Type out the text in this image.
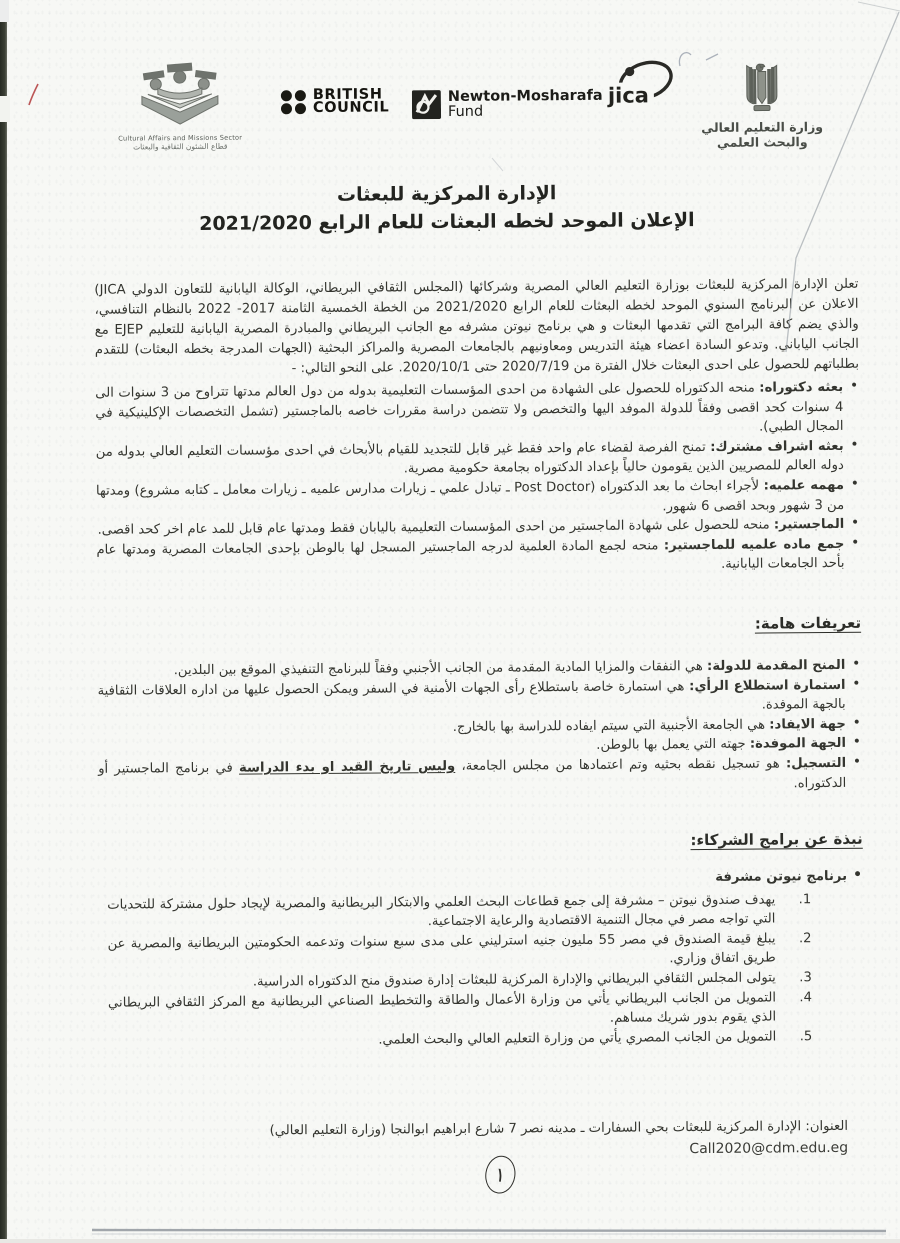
Cultural Affairs and Missions Sector
قطاع الشئون الثقافية والبعثات
BRITISH
COUNCIL
Newton-Mosharafa
Fund
jica
وزارة التعليم العالي والبحث العلمي
الإدارة المركزية للبعثات
الإعلان الموحد لخطه البعثات للعام الرابع 2021/2020

تعلن الإدارة المركزية للبعثات بوزارة التعليم العالي المصرية وشركائها (المجلس الثقافي البريطاني، الوكالة اليابانية للتعاون الدولي JICA) الاعلان عن البرنامج السنوي الموحد لخطه البعثات للعام الرابع 2021/2020 من الخطة الخمسية الثامنة 2017- 2022 بالنظام التنافسي، والذي يضم كافة البرامج التي تقدمها البعثات و هي برنامج نيوتن مشرفه مع الجانب البريطاني والمبادرة المصرية اليابانية للتعليم EJEP مع الجانب الياباني. وتدعو السادة اعضاء هيئة التدريس ومعاونيهم بالجامعات المصرية والمراكز البحثية (الجهات المدرجة بخطه البعثات) للتقدم بطلباتهم للحصول على احدى البعثات خلال الفترة من 2020/7/19 حتى 2020/10/1. على النحو التالي: -

• بعثه دكتوراه: منحه الدكتوراه للحصول على الشهادة من احدى المؤسسات التعليمية بدوله من دول العالم مدتها تتراوح من 3 سنوات الى 4 سنوات كحد اقصى وفقاً للدولة الموفد اليها والتخصص ولا تتضمن دراسة مقررات خاصه بالماجستير (تشمل التخصصات الإكلينيكية في المجال الطبي).
• بعثه اشراف مشترك: تمنح الفرصة لقضاء عام واحد فقط غير قابل للتجديد للقيام بالأبحاث في احدى مؤسسات التعليم العالي بدوله من دوله العالم للمصريين الذين يقومون حالياً بإعداد الدكتوراه بجامعة حكومية مصرية.
• مهمه علميه: لأجراء ابحاث ما بعد الدكتوراه (Post Doctor ـ تبادل علمي ـ زيارات مدارس علميه ـ زيارات معامل ـ كتابه مشروع) ومدتها من 3 شهور وبحد اقصى 6 شهور.
• الماجستير: منحه للحصول على شهادة الماجستير من احدى المؤسسات التعليمية باليابان فقط ومدتها عام قابل للمد عام اخر كحد اقصى.
• جمع ماده علميه للماجستير: منحه لجمع المادة العلمية لدرجه الماجستير المسجل لها بالوطن بإحدى الجامعات المصرية ومدتها عام بأحد الجامعات اليابانية.
تعريفات هامة:
• المنح المقدمة للدولة: هي النفقات والمزايا المادية المقدمة من الجانب الأجنبي وفقاً للبرنامج التنفيذي الموقع بين البلدين.
• استمارة استطلاع الرأي: هي استمارة خاصة باستطلاع رأى الجهات الأمنية في السفر ويمكن الحصول عليها من اداره العلاقات الثقافية بالجهة الموفدة.
• جهة الايفاد: هي الجامعة الأجنبية التي سيتم ايفاده للدراسة بها بالخارج.
• الجهة الموفدة: جهته التي يعمل بها بالوطن.
• التسجيل: هو تسجيل نقطه بحثيه وتم اعتمادها من مجلس الجامعة، وليس تاريخ القيد او بدء الدراسة في برنامج الماجستير أو الدكتوراه.
نبذة عن برامج الشركاء:
• برنامج نيوتن مشرفة
1.
يهدف صندوق نيوتن – مشرفة إلى جمع قطاعات البحث العلمي والابتكار البريطانية والمصرية لإيجاد حلول مشتركة للتحديات التي تواجه مصر في مجال التنمية الاقتصادية والرعاية الاجتماعية.
2.
يبلغ قيمة الصندوق في مصر 55 مليون جنيه استرليني على مدى سبع سنوات وتدعمه الحكومتين البريطانية والمصرية عن طريق اتفاق وزاري.
3.
يتولى المجلس الثقافي البريطاني والإدارة المركزية للبعثات إدارة صندوق منح الدكتوراه الدراسية.
4.
التمويل من الجانب البريطاني يأتي من وزارة الأعمال والطاقة والتخطيط الصناعي البريطانية مع المركز الثقافي البريطاني الذي يقوم بدور شريك مساهم.
5.
التمويل من الجانب المصري يأتي من وزارة التعليم العالي والبحث العلمي.
العنوان: الإدارة المركزية للبعثات بحي السفارات ـ مدينه نصر 7 شارع ابراهيم ابوالنجا (وزارة التعليم العالي)
Call2020@cdm.edu.eg
١
